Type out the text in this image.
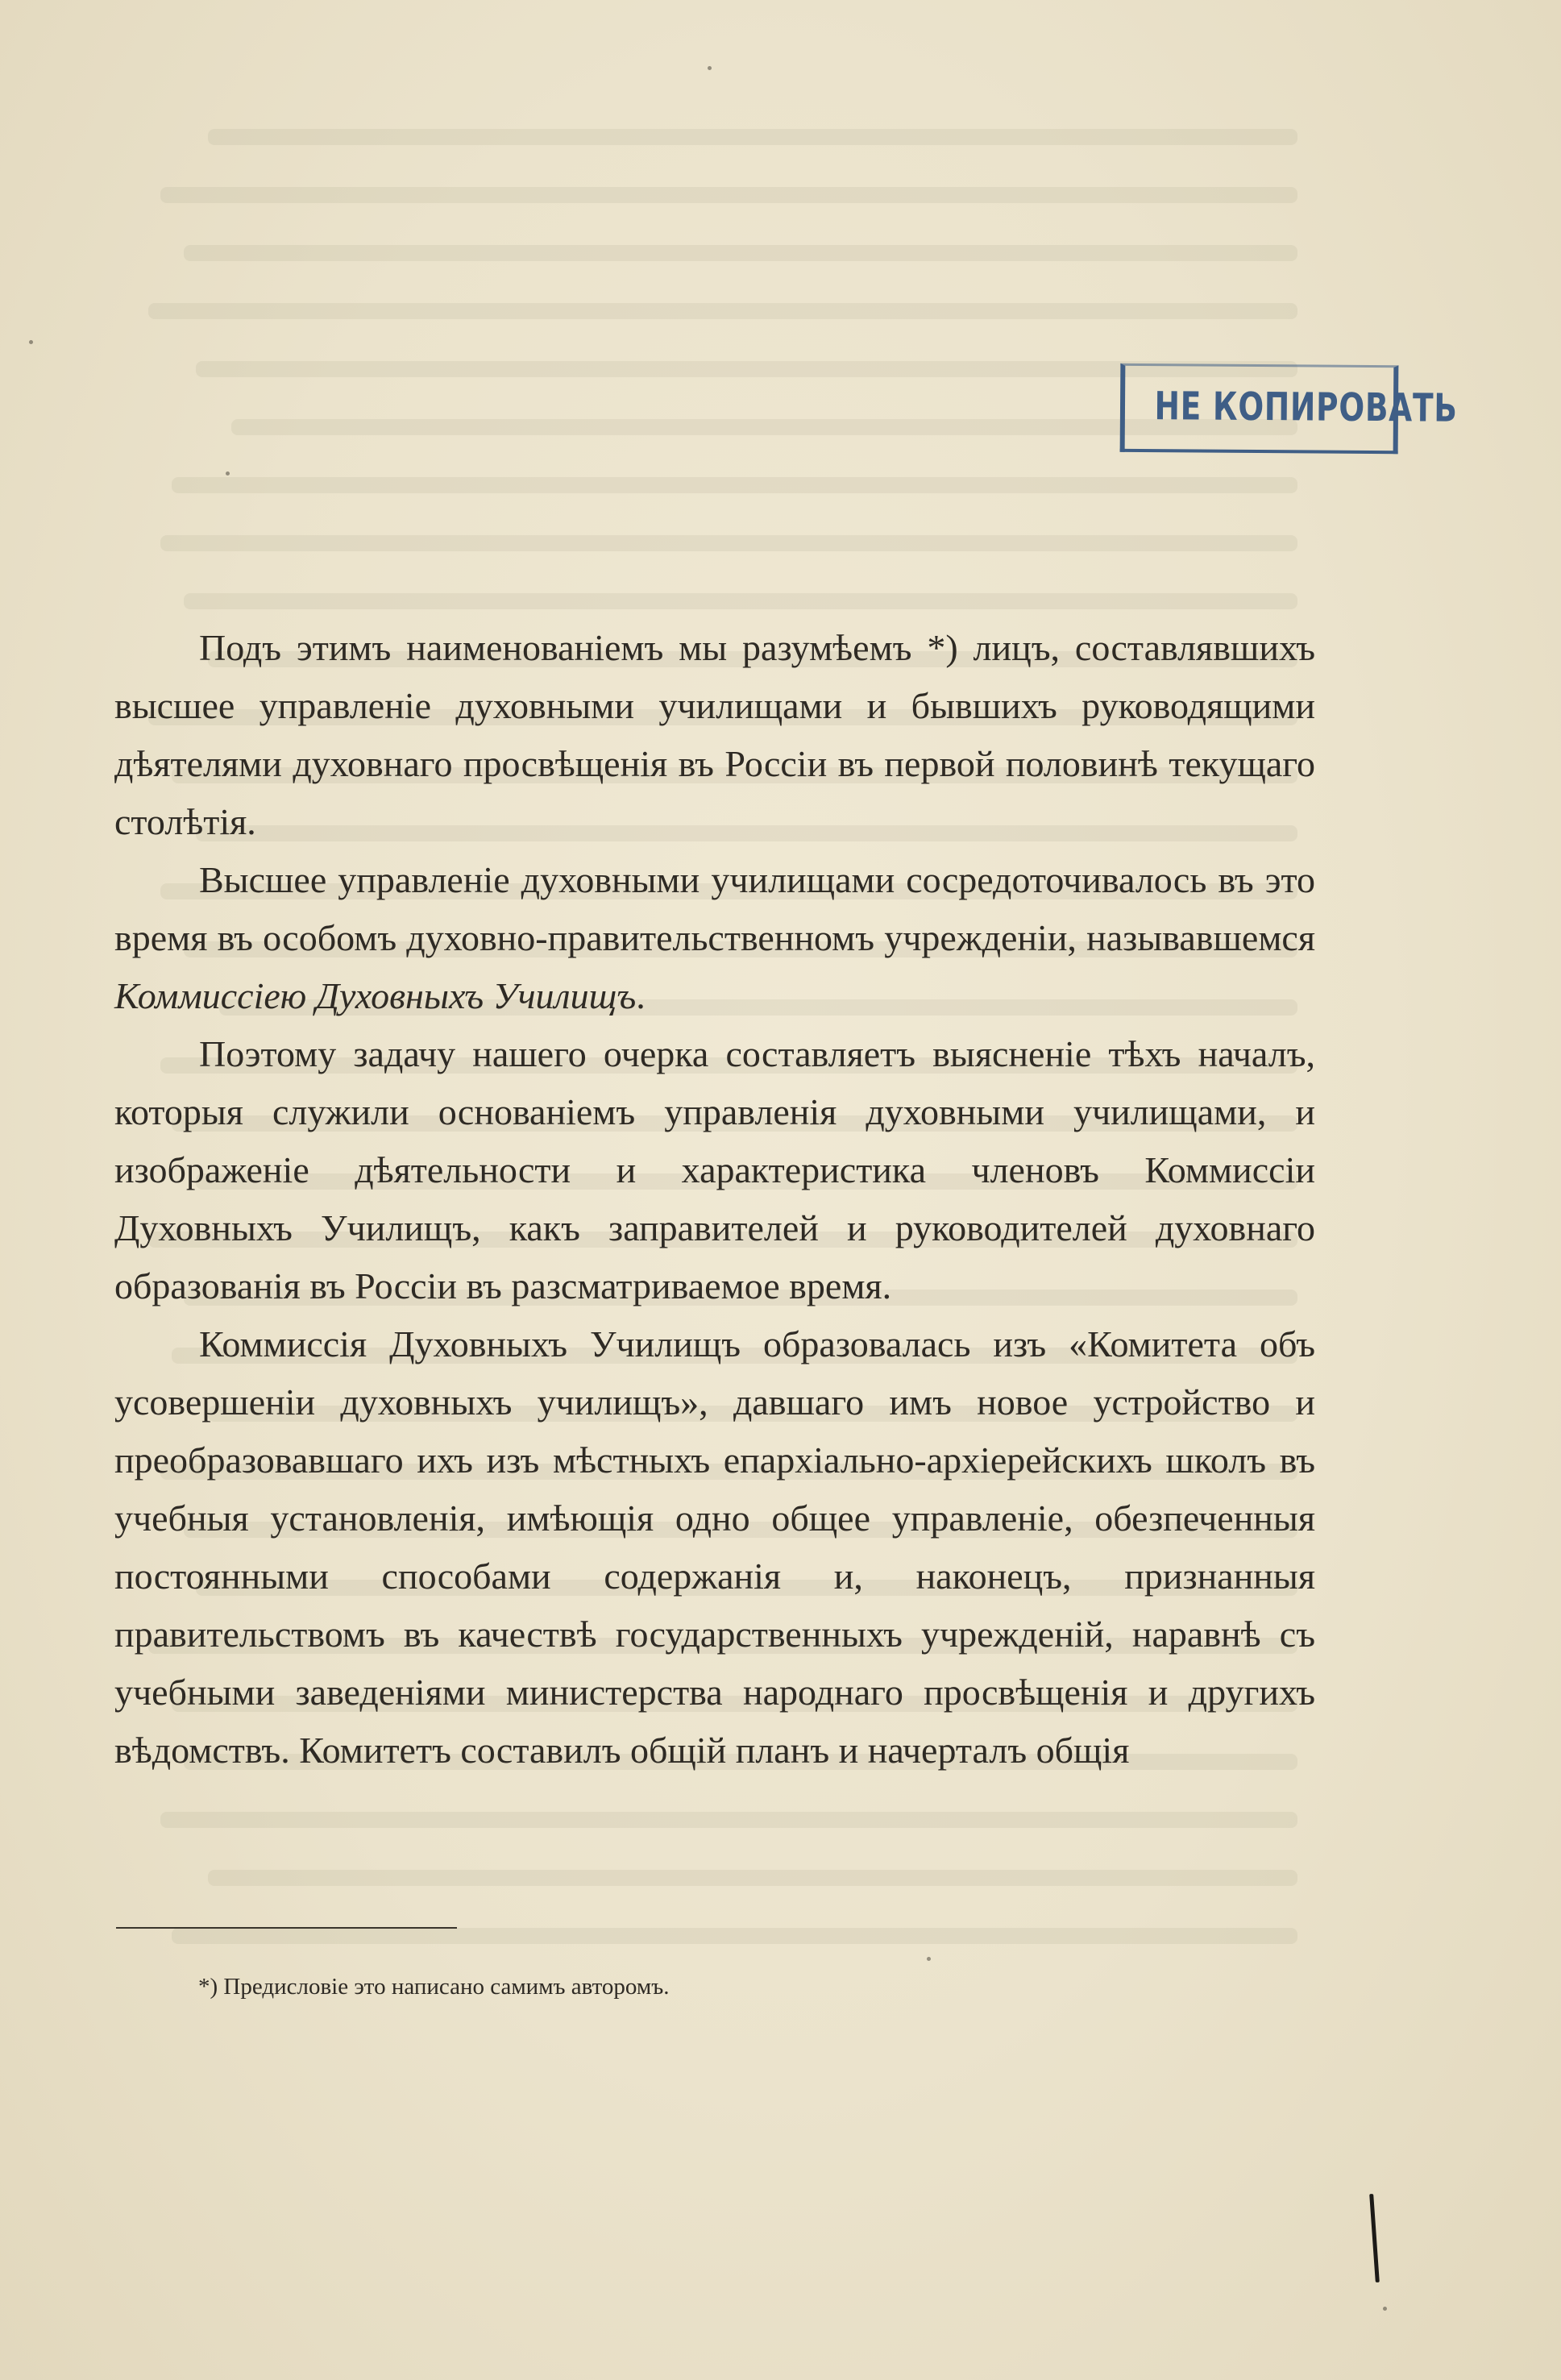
НЕ КОПИРОВАТЬ

Подъ этимъ наименованіемъ мы разумѣемъ *) лицъ, составлявшихъ высшее управленіе духовными училищами и бывшихъ руководящими дѣятелями духовнаго просвѣщенія въ Россіи въ первой половинѣ текущаго столѣтія.

Высшее управленіе духовными училищами сосредоточивалось въ это время въ особомъ духовно-правительственномъ учрежденіи, называвшемся Коммиссіею Духовныхъ Училищъ.

Поэтому задачу нашего очерка составляетъ выясненіе тѣхъ началъ, которыя служили основаніемъ управленія духовными училищами, и изображеніе дѣятельности и характеристика членовъ Коммиссіи Духовныхъ Училищъ, какъ заправителей и руководителей духовнаго образованія въ Россіи въ разсматриваемое время.

Коммиссія Духовныхъ Училищъ образовалась изъ «Комитета объ усовершеніи духовныхъ училищъ», давшаго имъ новое устройство и преобразовавшаго ихъ изъ мѣстныхъ епархіально-архіерейскихъ школъ въ учебныя установленія, имѣющія одно общее управленіе, обезпеченныя постоянными способами содержанія и, наконецъ, признанныя правительствомъ въ качествѣ государственныхъ учрежденій, наравнѣ съ учебными заведеніями министерства народнаго просвѣщенія и другихъ вѣдомствъ. Комитетъ составилъ общій планъ и начерталъ общія

*) Предисловіе это написано самимъ авторомъ.
